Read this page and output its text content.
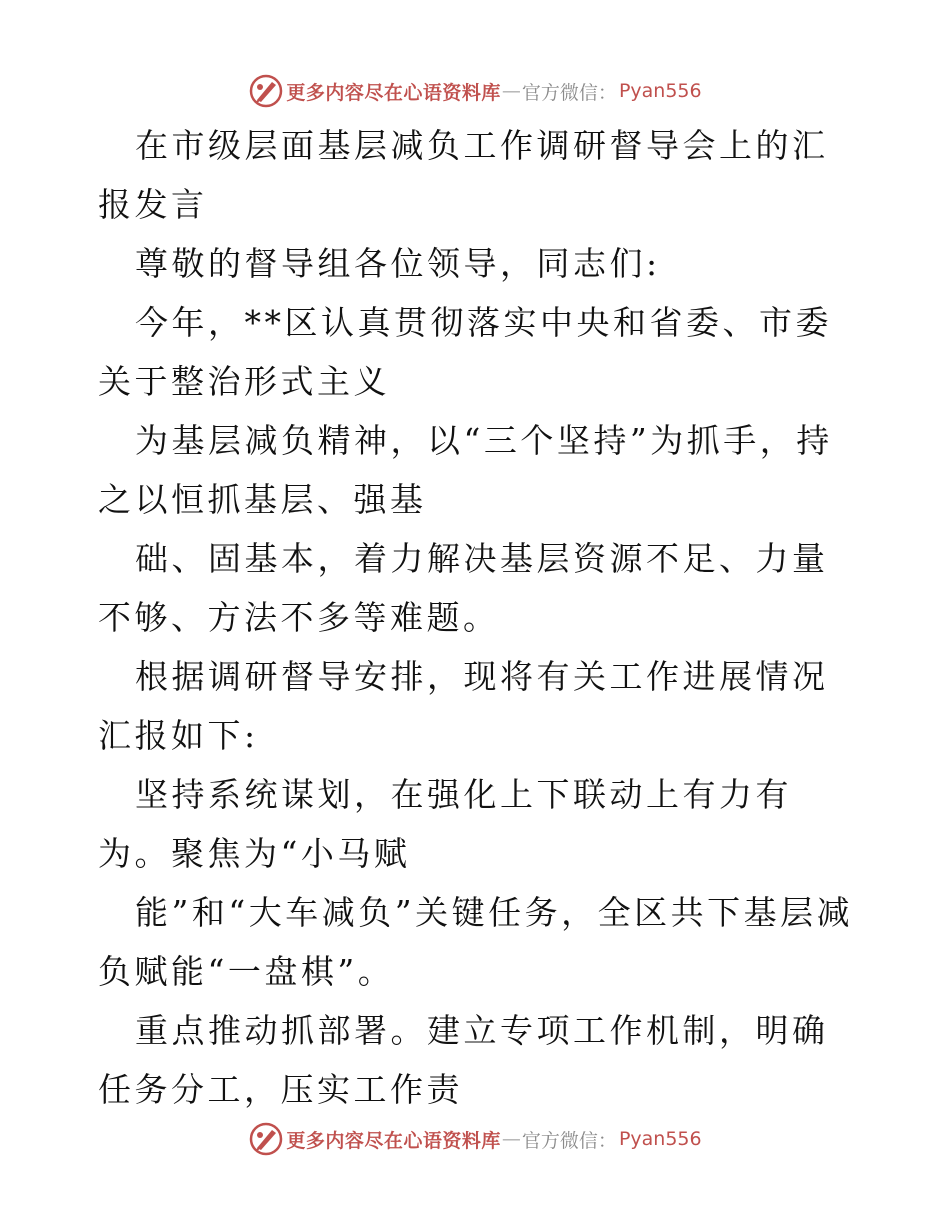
更多内容尽在心语资料库 — 官方微信： Pyan556

在市级层面基层减负工作调研督导会上的汇报发言

尊敬的督导组各位领导，同志们:

今年，**区认真贯彻落实中央和省委、市委关于整治形式主义

为基层减负精神，以“三个坚持”为抓手，持之以恒抓基层、强基

础、固基本，着力解决基层资源不足、力量不够、方法不多等难题。

根据调研督导安排，现将有关工作进展情况汇报如下:

坚持系统谋划，在强化上下联动上有力有为。聚焦为“小马赋

能”和“大车减负”关键任务，全区共下基层减负赋能“一盘棋”。

重点推动抓部署。建立专项工作机制，明确任务分工，压实工作责

更多内容尽在心语资料库 — 官方微信： Pyan556
